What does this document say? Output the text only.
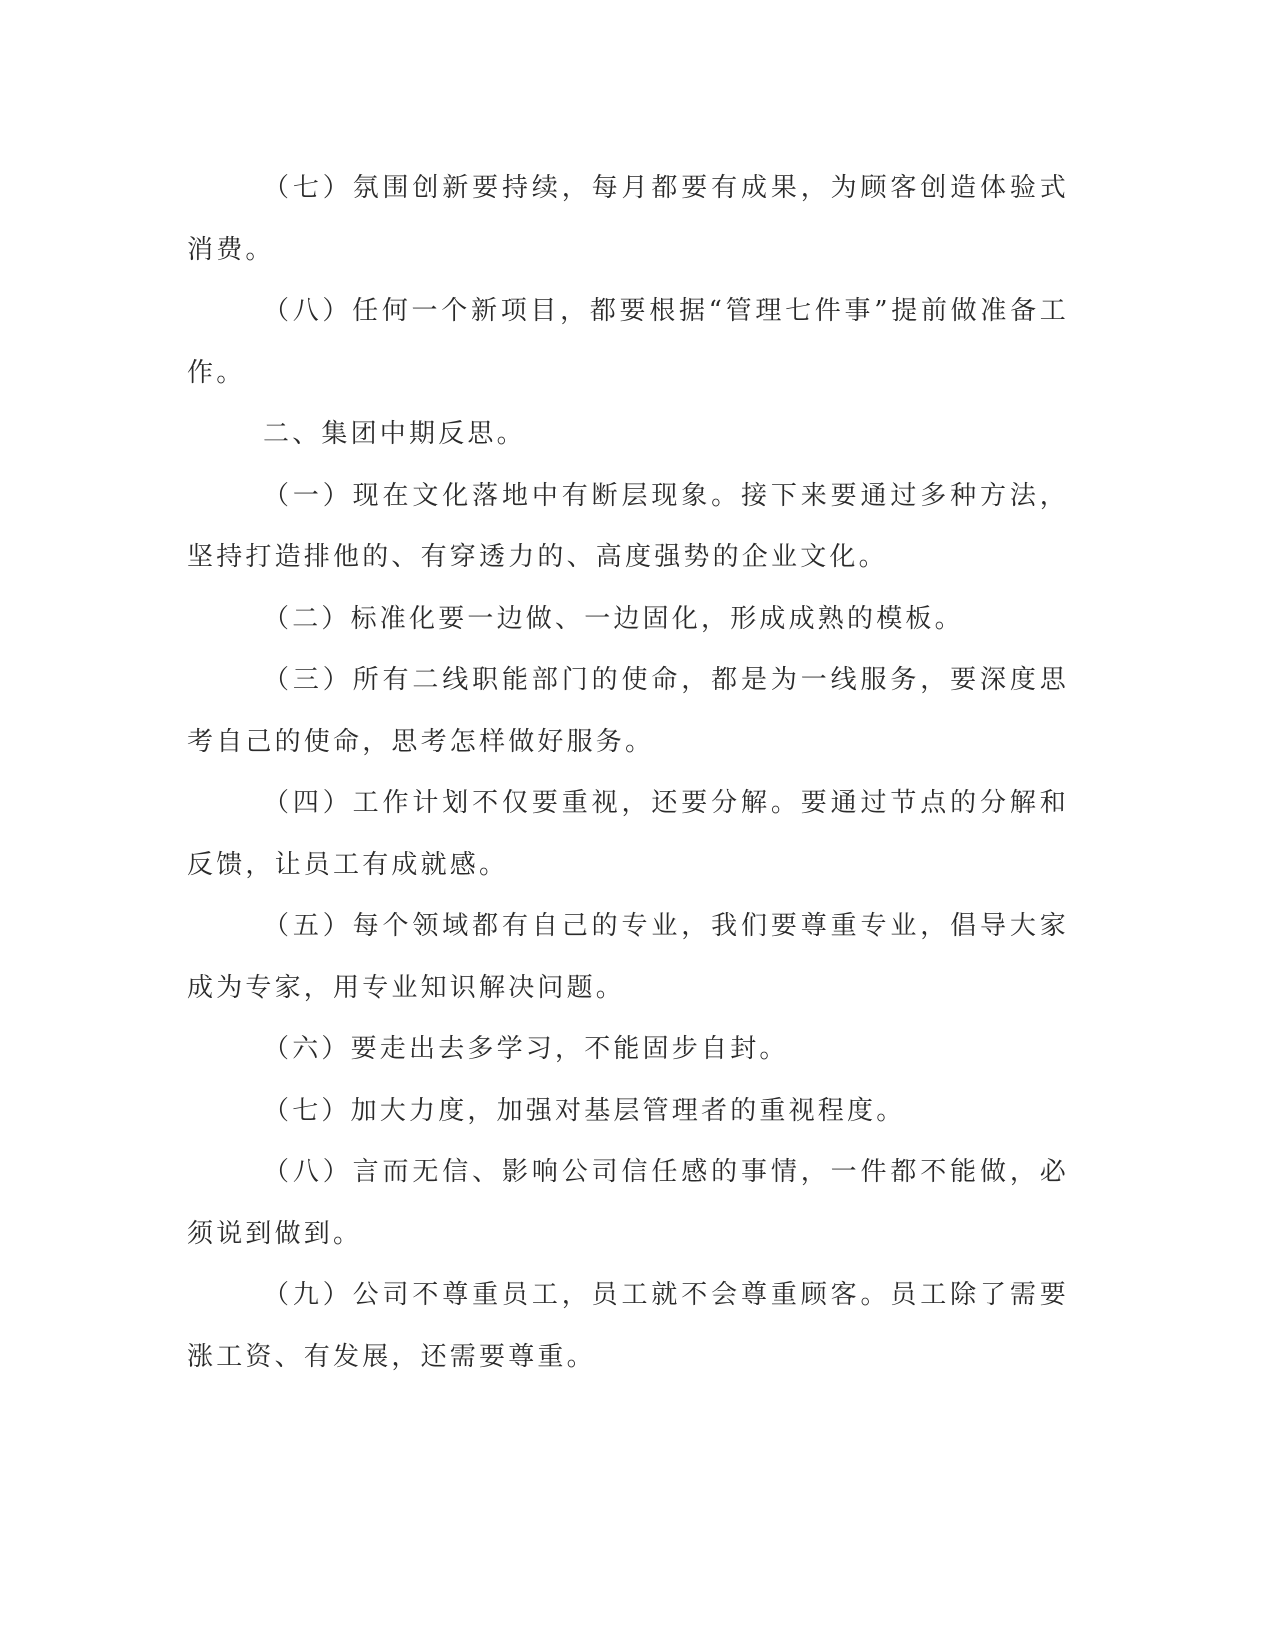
（七）氛围创新要持续，每月都要有成果，为顾客创造体验式消费。

（八）任何一个新项目，都要根据“管理七件事”提前做准备工作。

二、集团中期反思。

（一）现在文化落地中有断层现象。接下来要通过多种方法，坚持打造排他的、有穿透力的、高度强势的企业文化。

（二）标准化要一边做、一边固化，形成成熟的模板。

（三）所有二线职能部门的使命，都是为一线服务，要深度思考自己的使命，思考怎样做好服务。

（四）工作计划不仅要重视，还要分解。要通过节点的分解和反馈，让员工有成就感。

（五）每个领域都有自己的专业，我们要尊重专业，倡导大家成为专家，用专业知识解决问题。

（六）要走出去多学习，不能固步自封。

（七）加大力度，加强对基层管理者的重视程度。

（八）言而无信、影响公司信任感的事情，一件都不能做，必须说到做到。

（九）公司不尊重员工，员工就不会尊重顾客。员工除了需要涨工资、有发展，还需要尊重。
